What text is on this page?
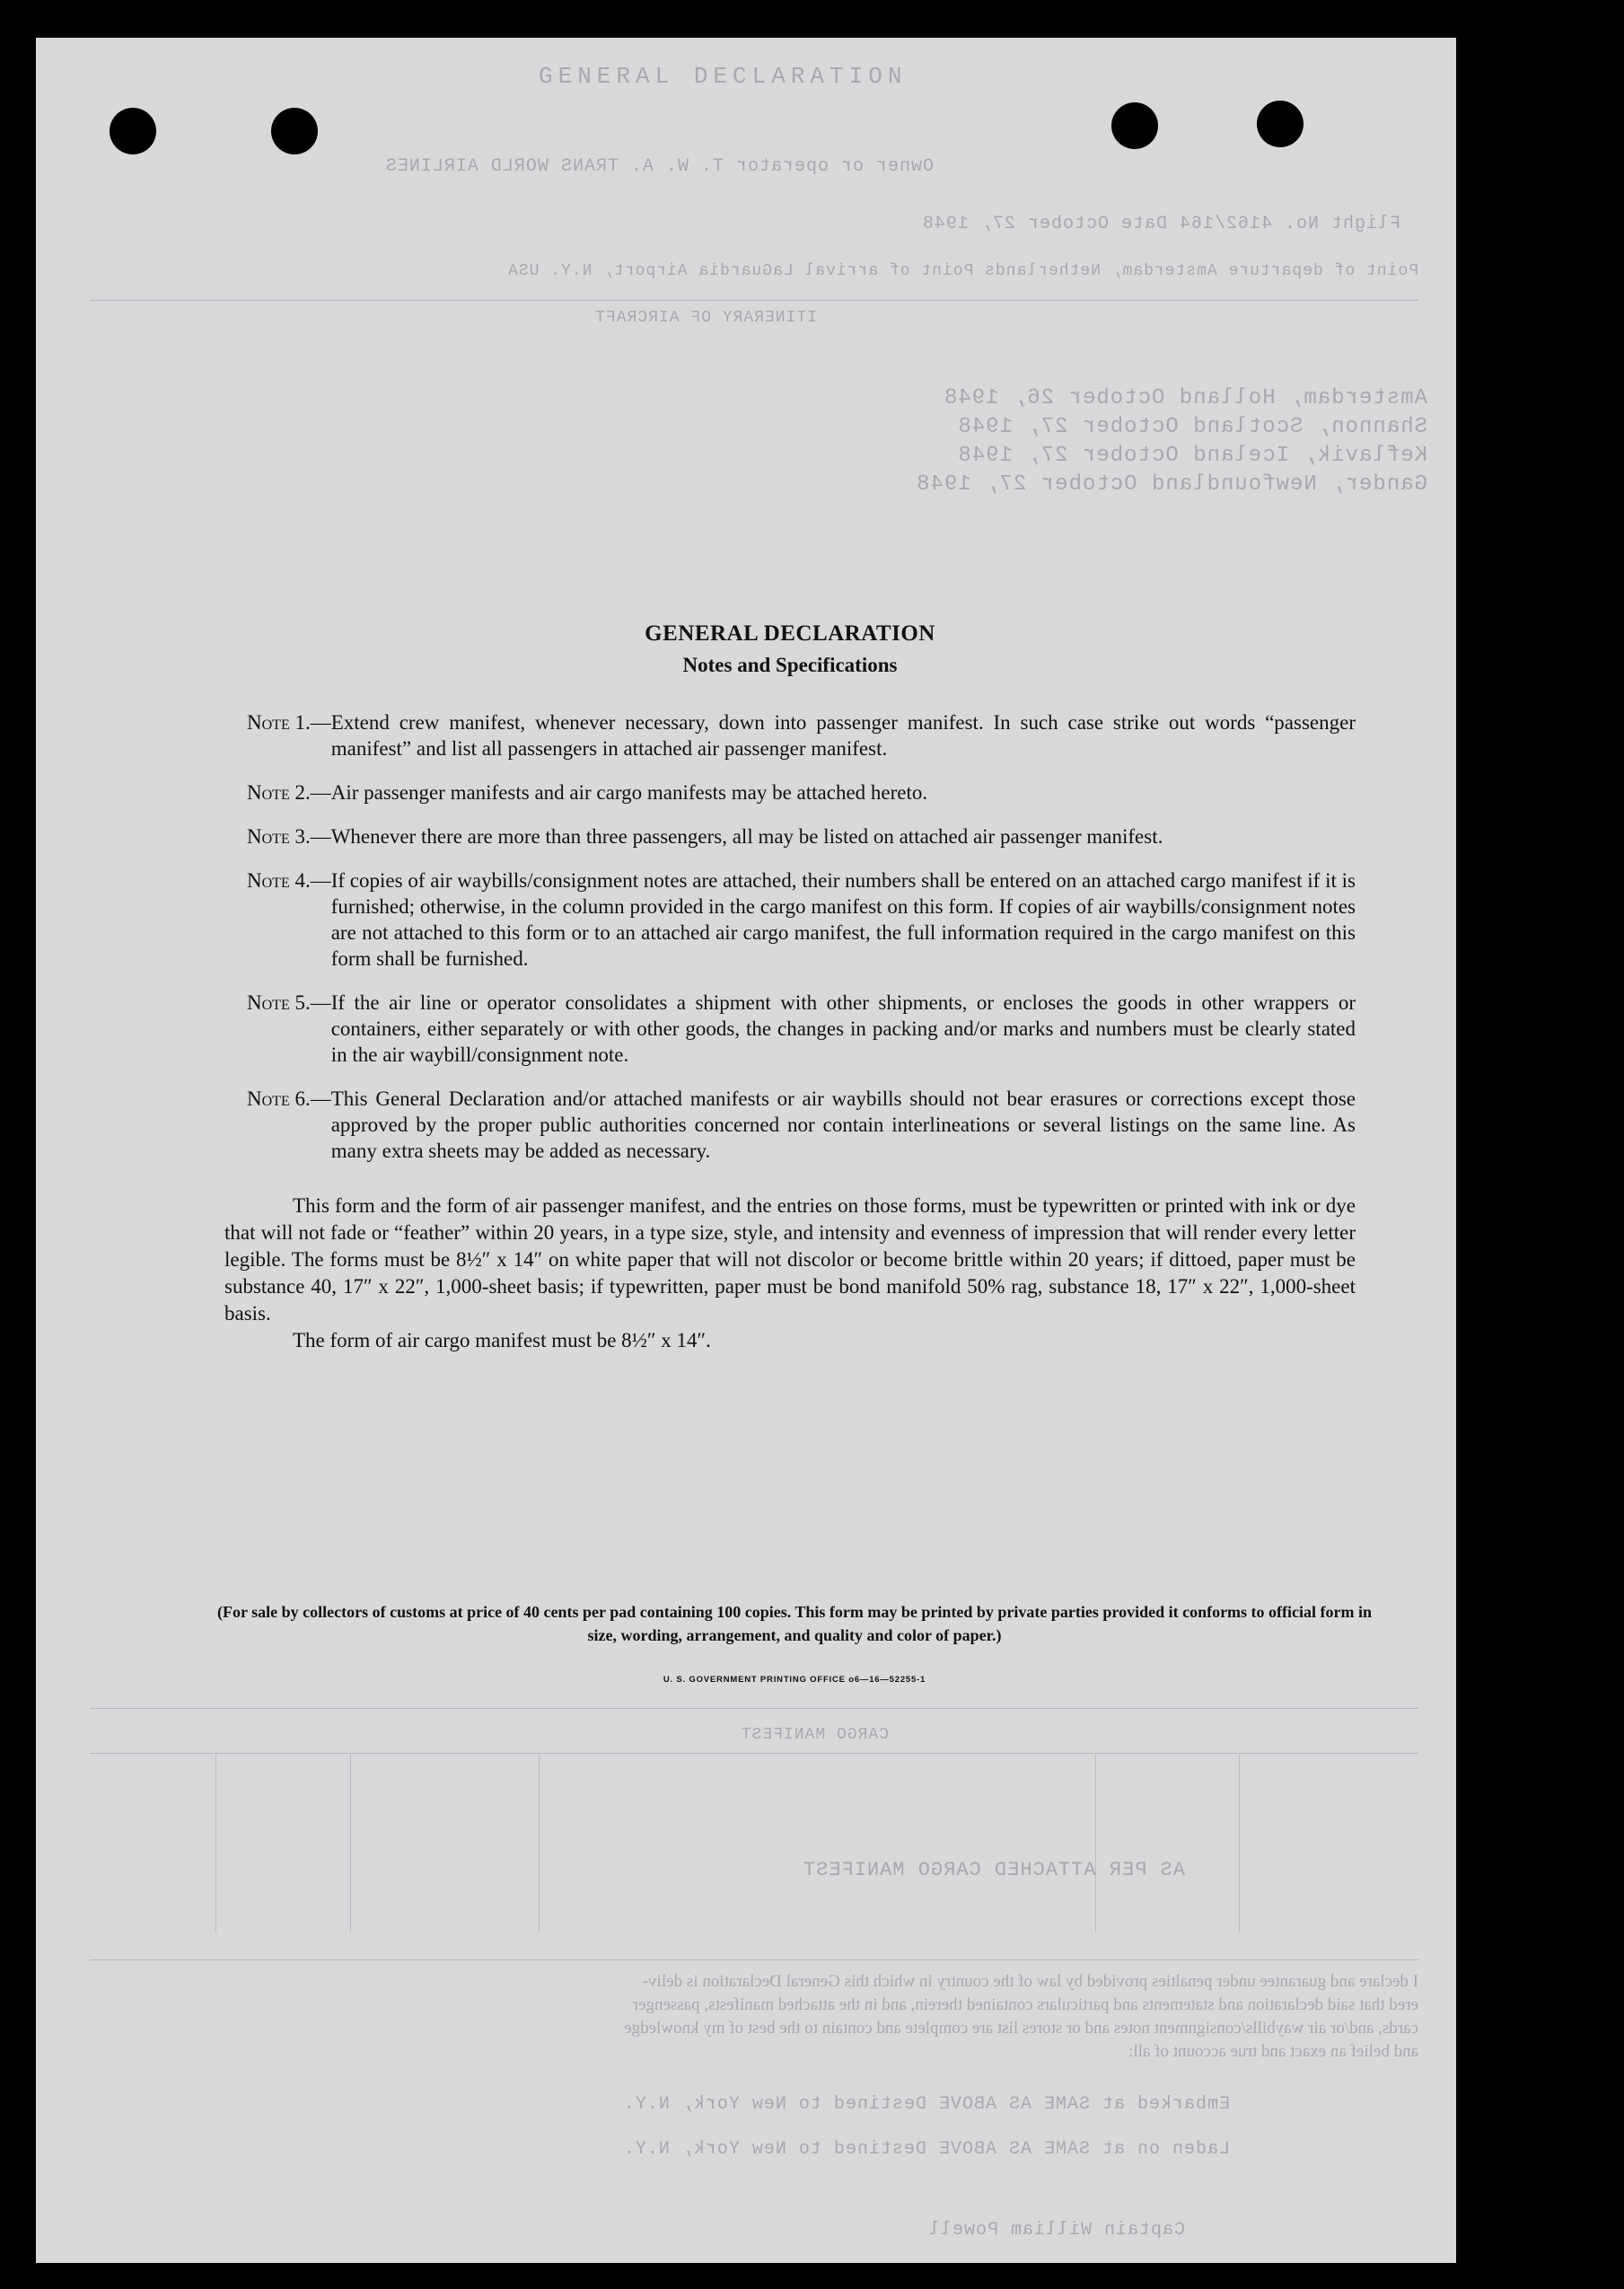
GENERAL DECLARATION
Owner or operator T. W. A. TRANS WORLD AIRLINES
Flight No. 4162/164 Date October 27, 1948
Point of departure Amsterdam, Netherlands Point of arrival LaGuardia Airport, N.Y. USA
ITINERARY OF AIRCRAFT
Amsterdam, Holland October 26, 1948
Shannon, Scotland October 27, 1948
Keflavik, Iceland October 27, 1948
Gander, Newfoundland October 27, 1948
CARGO MANIFEST
AS PER ATTACHED CARGO MANIFEST
I declare and guarantee under penalties provided by law of the country in which this General Declaration is deliv-
ered that said declaration and statements and particulars contained therein, and in the attached manifests, passenger
cards, and/or air waybills/consignment notes and or stores list are complete and contain to the best of my knowledge
and belief an exact and true account of all:
Embarked at SAME AS ABOVE Destined to New York, N.Y.
Laden on at SAME AS ABOVE Destined to New York, N.Y.
Captain William Powell
GENERAL DECLARATION
Notes and Specifications
Note 1. — Extend crew manifest, whenever necessary, down into passenger manifest. In such case strike out words “passenger manifest” and list all passengers in attached air passenger manifest.
Note 2. — Air passenger manifests and air cargo manifests may be attached hereto.
Note 3. — Whenever there are more than three passengers, all may be listed on attached air passenger manifest.
Note 4. — If copies of air waybills/consignment notes are attached, their numbers shall be entered on an attached cargo manifest if it is furnished; otherwise, in the column provided in the cargo manifest on this form. If copies of air waybills/consignment notes are not attached to this form or to an attached air cargo manifest, the full information required in the cargo manifest on this form shall be furnished.
Note 5. — If the air line or operator consolidates a shipment with other shipments, or encloses the goods in other wrappers or containers, either separately or with other goods, the changes in packing and/or marks and numbers must be clearly stated in the air waybill/consignment note.
Note 6. — This General Declaration and/or attached manifests or air waybills should not bear erasures or corrections except those approved by the proper public authorities concerned nor contain interlineations or several listings on the same line. As many extra sheets may be added as necessary.
This form and the form of air passenger manifest, and the entries on those forms, must be typewritten or printed with ink or dye that will not fade or “feather” within 20 years, in a type size, style, and intensity and evenness of impression that will render every letter legible. The forms must be 8½″ x 14″ on white paper that will not discolor or become brittle within 20 years; if dittoed, paper must be substance 40, 17″ x 22″, 1,000-sheet basis; if typewritten, paper must be bond manifold 50% rag, substance 18, 17″ x 22″, 1,000-sheet basis.
The form of air cargo manifest must be 8½″ x 14″.
(For sale by collectors of customs at price of 40 cents per pad containing 100 copies. This form may be printed by private parties provided it conforms to official form in size, wording, arrangement, and quality and color of paper.)
U. S. GOVERNMENT PRINTING OFFICE o6—16—52255-1
